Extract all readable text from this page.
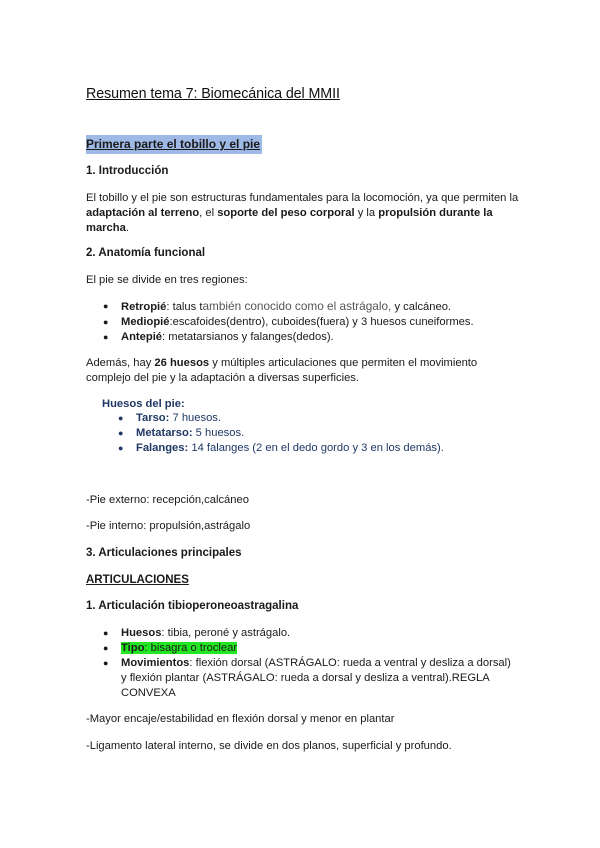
Resumen tema 7: Biomecánica del MMII

Primera parte el tobillo y el pie

1. Introducción

El tobillo y el pie son estructuras fundamentales para la locomoción, ya que permiten la

adaptación al terreno, el soporte del peso corporal y la propulsión durante la

marcha.

2. Anatomía funcional

El pie se divide en tres regiones:

● Retropié: talus también conocido como el astrágalo, y calcáneo.
● Mediopié:escafoides(dentro), cuboides(fuera) y 3 huesos cuneiformes.
● Antepié: metatarsianos y falanges(dedos).

Además, hay 26 huesos y múltiples articulaciones que permiten el movimiento

complejo del pie y la adaptación a diversas superficies.

Huesos del pie:

● Tarso: 7 huesos.
● Metatarso: 5 huesos.
● Falanges: 14 falanges (2 en el dedo gordo y 3 en los demás).

-Pie externo: recepción,calcáneo

-Pie interno: propulsión,astrágalo

3. Articulaciones principales

ARTICULACIONES

1. Articulación tibioperoneoastragalina

● Huesos: tibia, peroné y astrágalo.
● Tipo: bisagra o troclear
● Movimientos: flexión dorsal (ASTRÁGALO: rueda a ventral y desliza a dorsal)
y flexión plantar (ASTRÁGALO: rueda a dorsal y desliza a ventral).REGLA
CONVEXA

-Mayor encaje/estabilidad en flexión dorsal y menor en plantar

-Ligamento lateral interno, se divide en dos planos, superficial y profundo.
